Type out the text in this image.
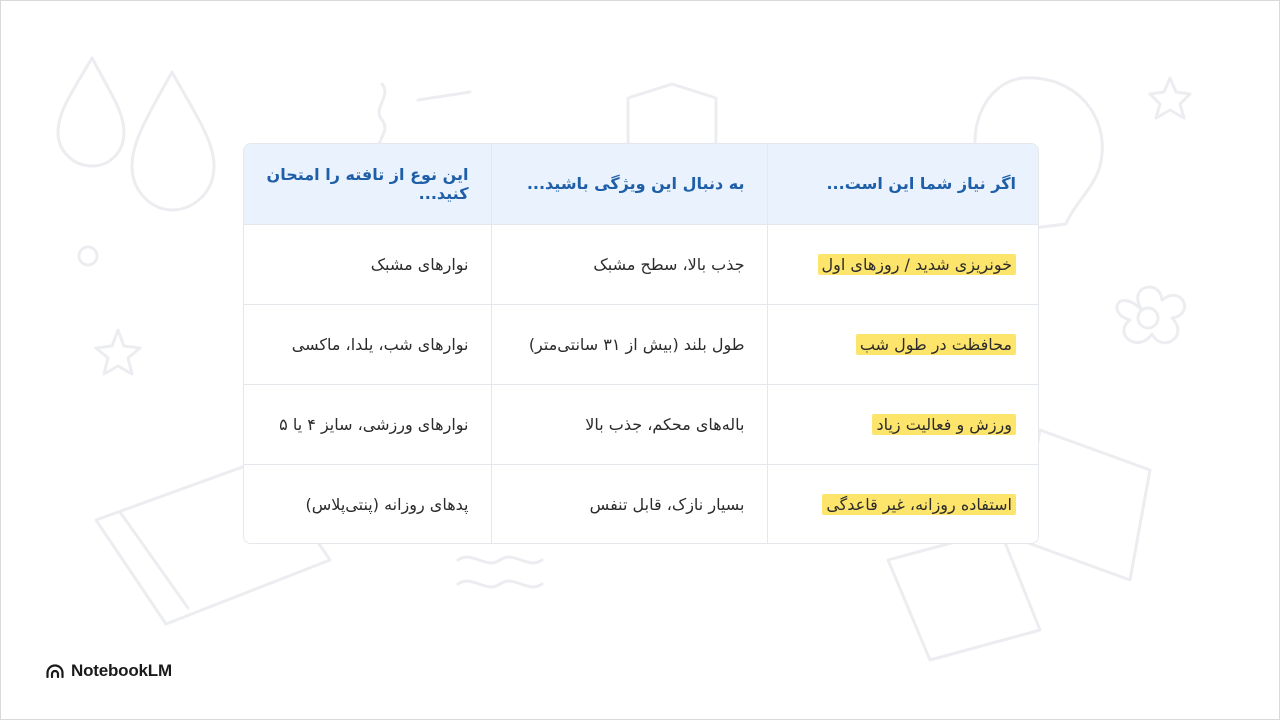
اگر نیاز شما این است...	به دنبال این ویژگی باشید...	این نوع از تافته را امتحان کنید...
خونریزی شدید / روزهای اول	جذب بالا، سطح مشبک	نوارهای مشبک
محافظت در طول شب	طول بلند (بیش از ۳۱ سانتی‌متر)	نوارهای شب، یلدا، ماکسی
ورزش و فعالیت زیاد	باله‌های محکم، جذب بالا	نوارهای ورزشی، سایز ۴ یا ۵
استفاده روزانه، غیر قاعدگی	بسیار نازک، قابل تنفس	پدهای روزانه (پنتی‌پلاس)
NotebookLM
